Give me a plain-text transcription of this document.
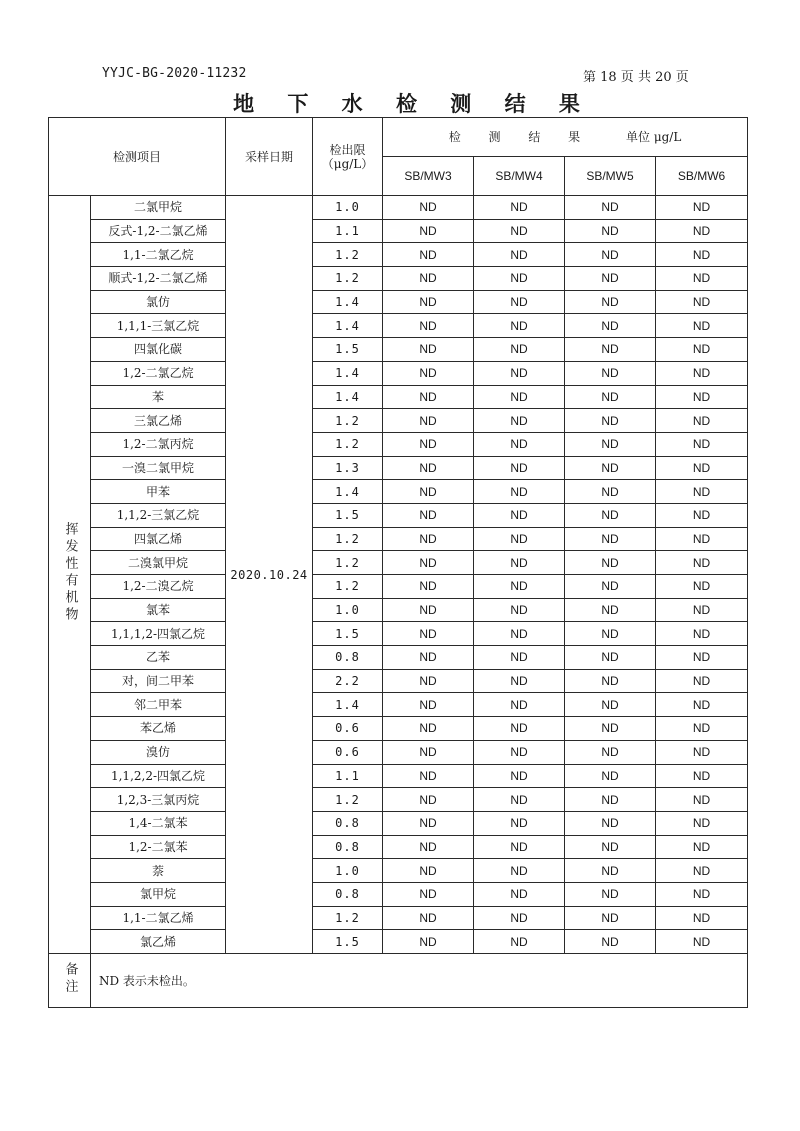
YYJC-BG-2020-11232	第 18 页 共 20 页
地 下 水 检 测 结 果
检测项目		采样日期	检出限
（μg/L）	检 测 结 果 单位 μg/L			
				SB/MW3	SB/MW4	SB/MW5	SB/MW6
挥发性有机物	二氯甲烷	2020.10.24	1.0	ND	ND	ND	ND
	反式-1,2-二氯乙烯		1.1	ND	ND	ND	ND
	1,1-二氯乙烷		1.2	ND	ND	ND	ND
	顺式-1,2-二氯乙烯		1.2	ND	ND	ND	ND
	氯仿		1.4	ND	ND	ND	ND
	1,1,1-三氯乙烷		1.4	ND	ND	ND	ND
	四氯化碳		1.5	ND	ND	ND	ND
	1,2-二氯乙烷		1.4	ND	ND	ND	ND
	苯		1.4	ND	ND	ND	ND
	三氯乙烯		1.2	ND	ND	ND	ND
	1,2-二氯丙烷		1.2	ND	ND	ND	ND
	一溴二氯甲烷		1.3	ND	ND	ND	ND
	甲苯		1.4	ND	ND	ND	ND
	1,1,2-三氯乙烷		1.5	ND	ND	ND	ND
	四氯乙烯		1.2	ND	ND	ND	ND
	二溴氯甲烷		1.2	ND	ND	ND	ND
	1,2-二溴乙烷		1.2	ND	ND	ND	ND
	氯苯		1.0	ND	ND	ND	ND
	1,1,1,2-四氯乙烷		1.5	ND	ND	ND	ND
	乙苯		0.8	ND	ND	ND	ND
	对，间二甲苯		2.2	ND	ND	ND	ND
	邻二甲苯		1.4	ND	ND	ND	ND
	苯乙烯		0.6	ND	ND	ND	ND
	溴仿		0.6	ND	ND	ND	ND
	1,1,2,2-四氯乙烷		1.1	ND	ND	ND	ND
	1,2,3-三氯丙烷		1.2	ND	ND	ND	ND
	1,4-二氯苯		0.8	ND	ND	ND	ND
	1,2-二氯苯		0.8	ND	ND	ND	ND
	萘		1.0	ND	ND	ND	ND
	氯甲烷		0.8	ND	ND	ND	ND
	1,1-二氯乙烯		1.2	ND	ND	ND	ND
	氯乙烯		1.5	ND	ND	ND	ND
备注	ND 表示未检出。						
